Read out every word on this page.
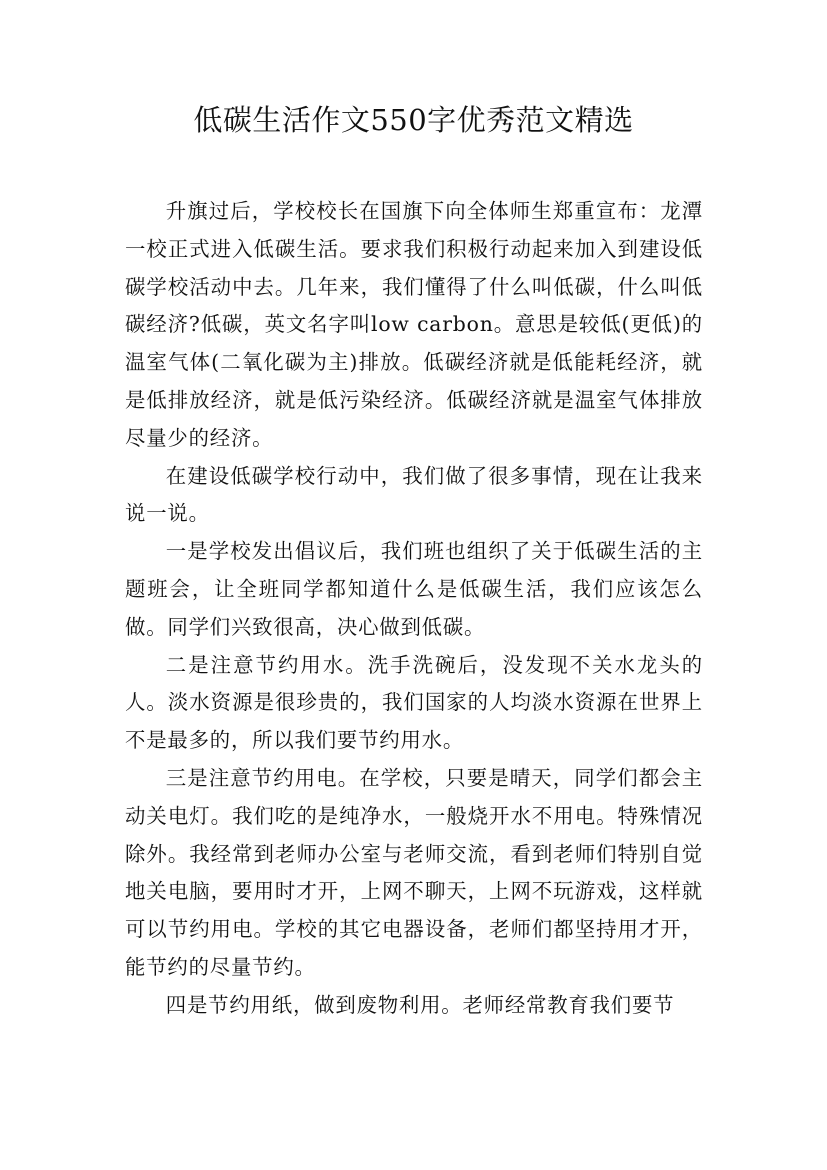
低碳生活作文550字优秀范文精选

升旗过后，学校校长在国旗下向全体师生郑重宣布：龙潭一校正式进入低碳生活。要求我们积极行动起来加入到建设低碳学校活动中去。几年来，我们懂得了什么叫低碳，什么叫低碳经济?低碳，英文名字叫low carbon。意思是较低(更低)的温室气体(二氧化碳为主)排放。低碳经济就是低能耗经济，就是低排放经济，就是低污染经济。低碳经济就是温室气体排放尽量少的经济。

在建设低碳学校行动中，我们做了很多事情，现在让我来说一说。

一是学校发出倡议后，我们班也组织了关于低碳生活的主题班会，让全班同学都知道什么是低碳生活，我们应该怎么做。同学们兴致很高，决心做到低碳。

二是注意节约用水。洗手洗碗后，没发现不关水龙头的人。淡水资源是很珍贵的，我们国家的人均淡水资源在世界上不是最多的，所以我们要节约用水。

三是注意节约用电。在学校，只要是晴天，同学们都会主动关电灯。我们吃的是纯净水，一般烧开水不用电。特殊情况除外。我经常到老师办公室与老师交流，看到老师们特别自觉地关电脑，要用时才开，上网不聊天，上网不玩游戏，这样就可以节约用电。学校的其它电器设备，老师们都坚持用才开，能节约的尽量节约。

四是节约用纸，做到废物利用。老师经常教育我们要节
